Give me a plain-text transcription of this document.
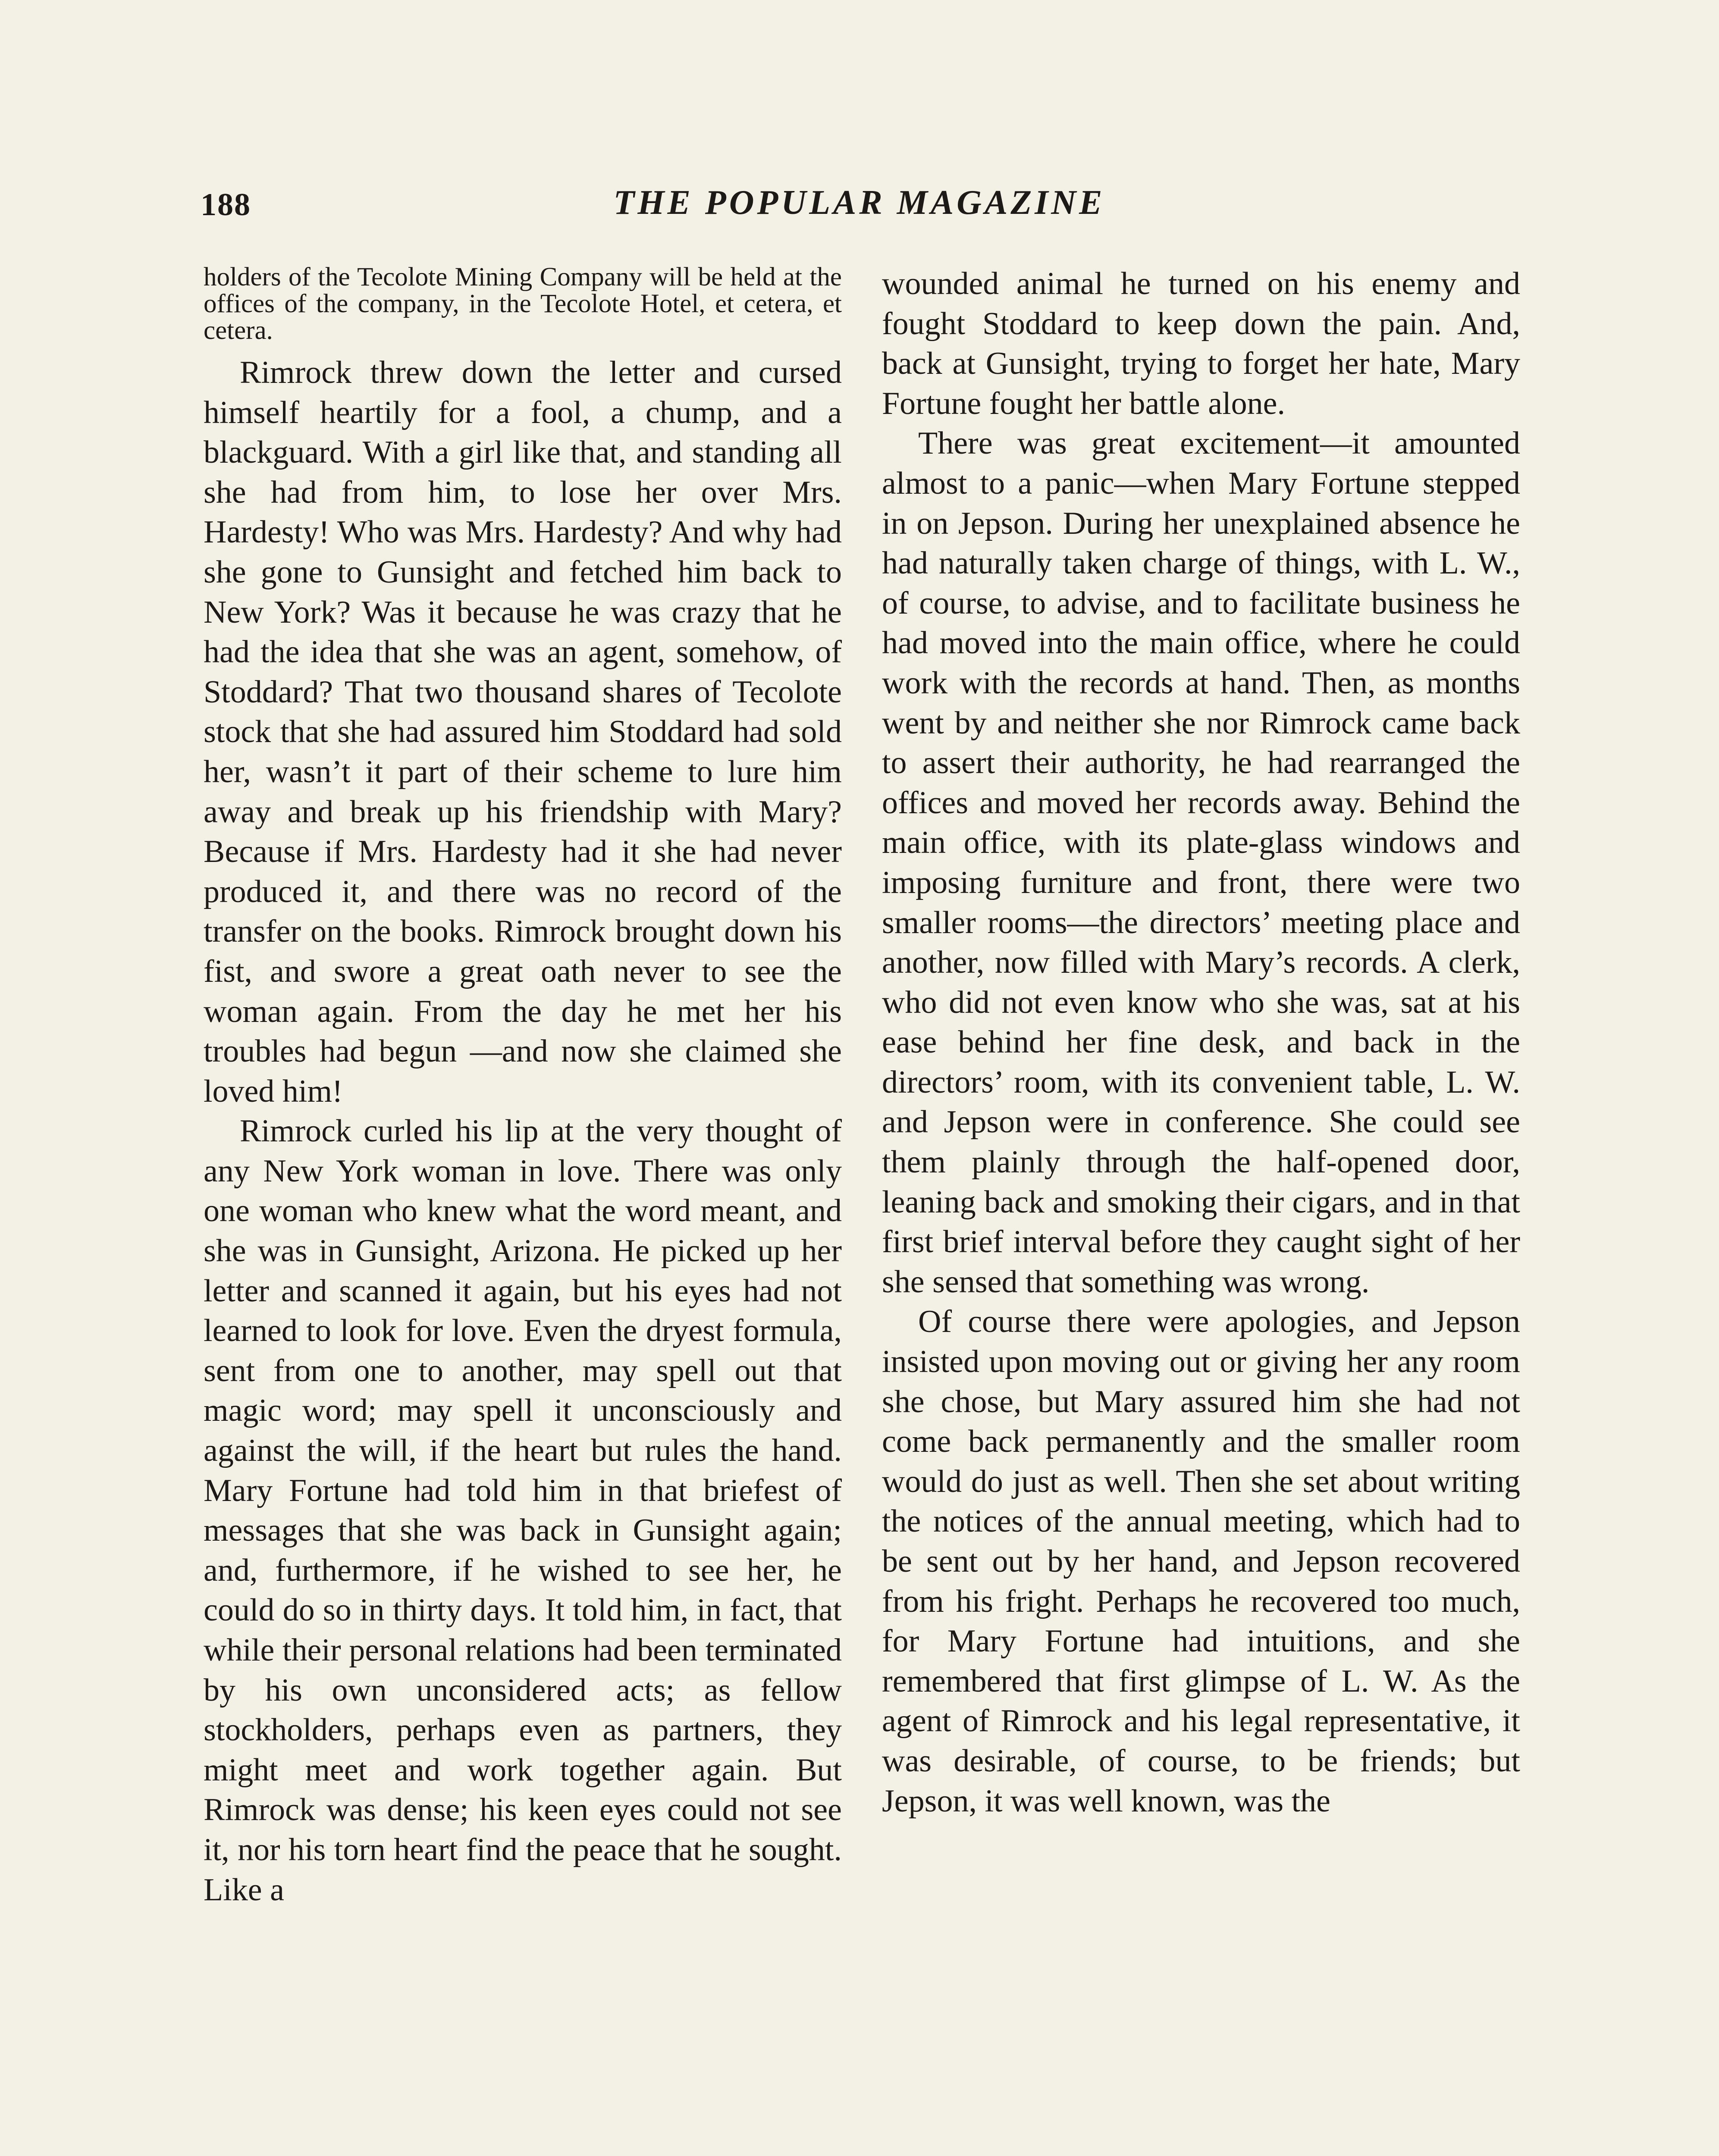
188	THE POPULAR MAGAZINE

holders of the Tecolote Mining Company will be held at the offices of the company, in the Tecolote Hotel, et cetera, et cetera.

Rimrock threw down the letter and cursed himself heartily for a fool, a chump, and a blackguard. With a girl like that, and standing all she had from him, to lose her over Mrs. Hardesty! Who was Mrs. Hardesty? And why had she gone to Gunsight and fetched him back to New York? Was it because he was crazy that he had the idea that she was an agent, somehow, of Stoddard? That two thousand shares of Tecolote stock that she had assured him Stoddard had sold her, wasn’t it part of their scheme to lure him away and break up his friendship with Mary? Because if Mrs. Hardesty had it she had never produced it, and there was no record of the transfer on the books. Rimrock brought down his fist, and swore a great oath never to see the woman again. From the day he met her his troubles had begun —and now she claimed she loved him!

Rimrock curled his lip at the very thought of any New York woman in love. There was only one woman who knew what the word meant, and she was in Gunsight, Arizona. He picked up her letter and scanned it again, but his eyes had not learned to look for love. Even the dryest formula, sent from one to another, may spell out that magic word; may spell it unconsciously and against the will, if the heart but rules the hand. Mary Fortune had told him in that briefest of messages that she was back in Gunsight again; and, furthermore, if he wished to see her, he could do so in thirty days. It told him, in fact, that while their personal relations had been terminated by his own unconsidered acts; as fellow stockholders, perhaps even as partners, they might meet and work together again. But Rimrock was dense; his keen eyes could not see it, nor his torn heart find the peace that he sought. Like a

wounded animal he turned on his enemy and fought Stoddard to keep down the pain. And, back at Gunsight, trying to forget her hate, Mary Fortune fought her battle alone.

There was great excitement—it amounted almost to a panic—when Mary Fortune stepped in on Jepson. During her unexplained absence he had naturally taken charge of things, with L. W., of course, to advise, and to facilitate business he had moved into the main office, where he could work with the records at hand. Then, as months went by and neither she nor Rimrock came back to assert their authority, he had rearranged the offices and moved her records away. Behind the main office, with its plate-glass windows and imposing furniture and front, there were two smaller rooms—the directors’ meeting place and another, now filled with Mary’s records. A clerk, who did not even know who she was, sat at his ease behind her fine desk, and back in the directors’ room, with its convenient table, L. W. and Jepson were in conference. She could see them plainly through the half-opened door, leaning back and smoking their cigars, and in that first brief interval before they caught sight of her she sensed that something was wrong.

Of course there were apologies, and Jepson insisted upon moving out or giving her any room she chose, but Mary assured him she had not come back permanently and the smaller room would do just as well. Then she set about writing the notices of the annual meeting, which had to be sent out by her hand, and Jepson recovered from his fright. Perhaps he recovered too much, for Mary Fortune had intuitions, and she remembered that first glimpse of L. W. As the agent of Rimrock and his legal representative, it was desirable, of course, to be friends; but Jepson, it was well known, was the
